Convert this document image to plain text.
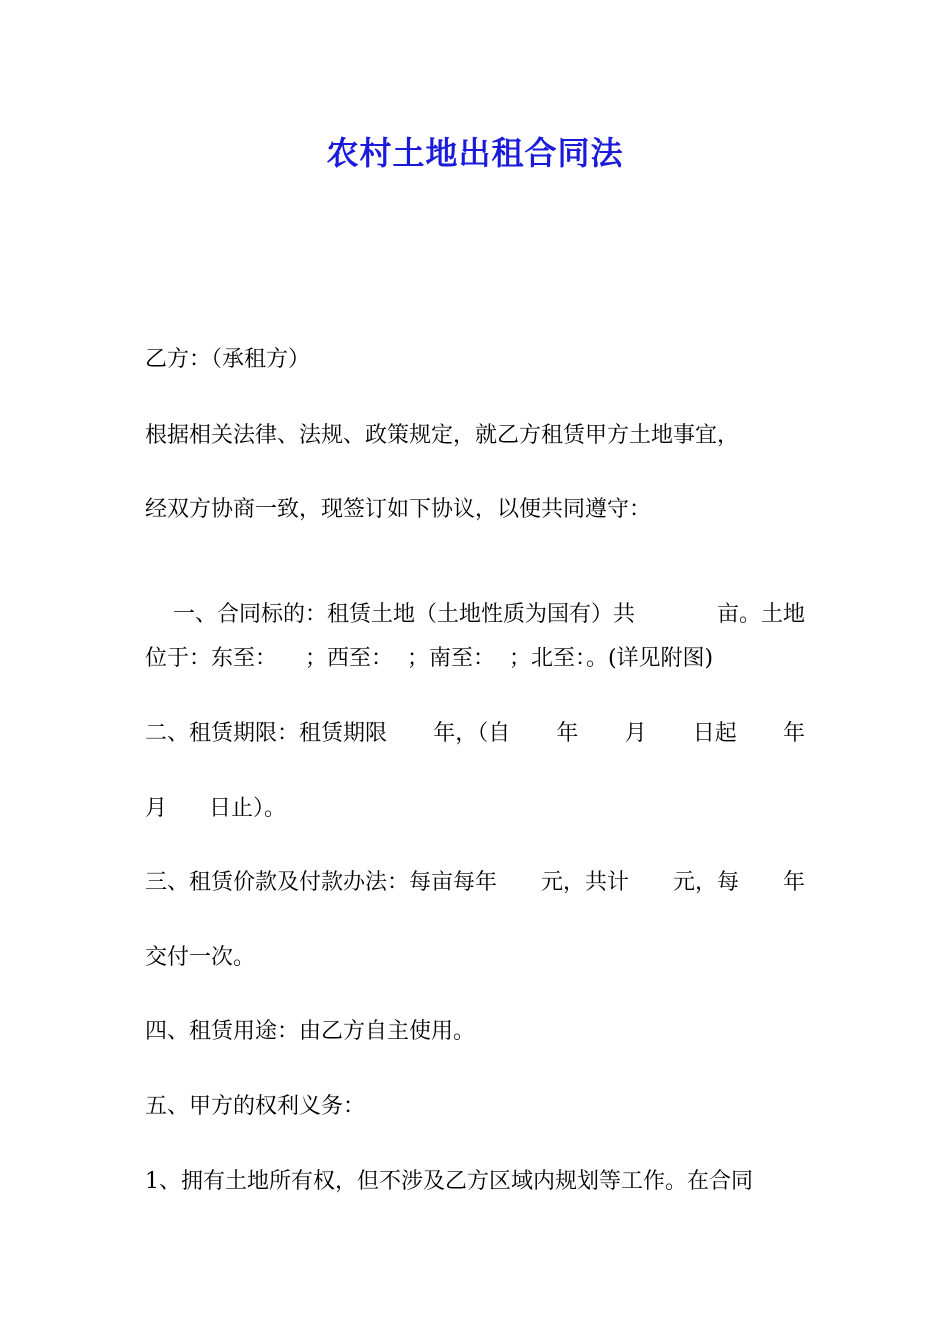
农村土地出租合同法
乙方：（承租方）
根据相关法律、法规、政策规定，就乙方租赁甲方土地事宜，
经双方协商一致，现签订如下协议，以便共同遵守：

一、合同标的：租赁土地（土地性质为国有）共	亩。土地

位于：东至：    ；西至：  ；南至：  ；北至：。(详见附图)
二、租赁期限：租赁期限 年，（自 年 月 日起 年
月      日止）。
三、租赁价款及付款办法：每亩每年 元，共计 元，每 年
交付一次。
四、租赁用途：由乙方自主使用。
五、甲方的权利义务：
1、拥有土地所有权，但不涉及乙方区域内规划等工作。在合同
